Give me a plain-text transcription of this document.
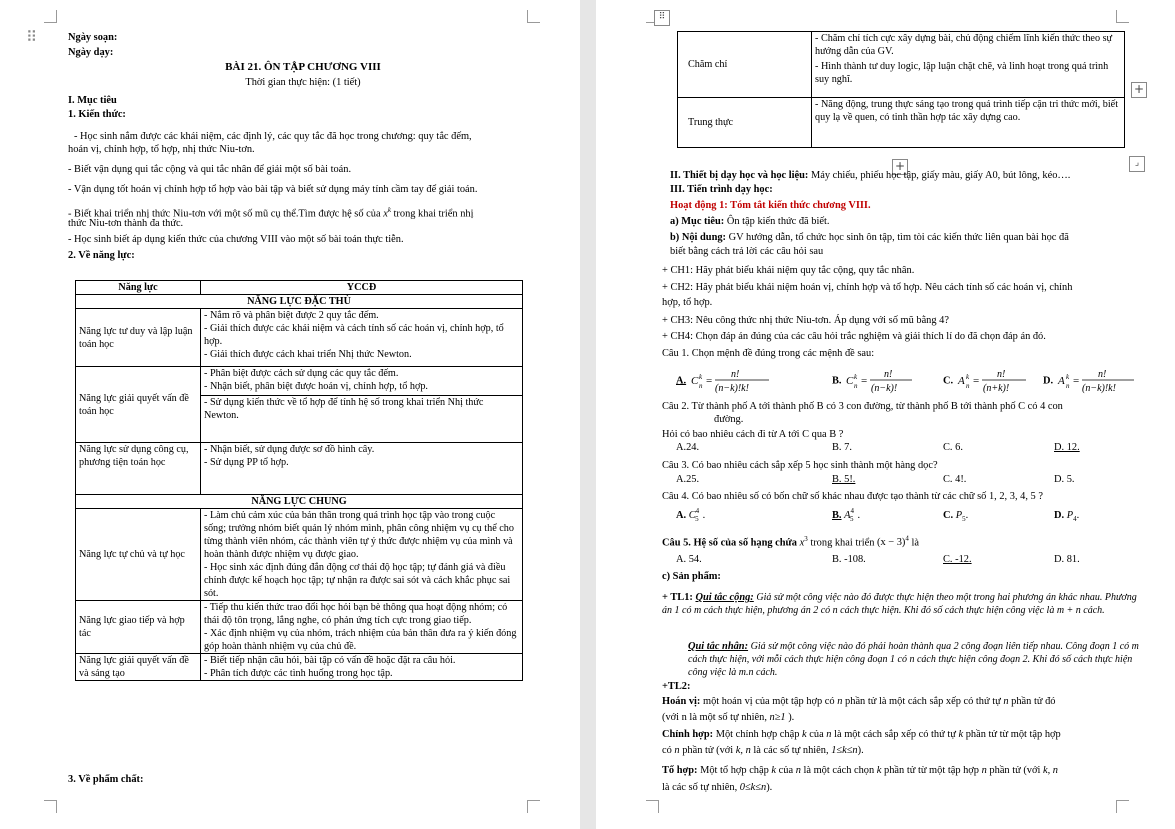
⠿	Ngày soạn:
Ngày dạy:
BÀI 21. ÔN TẬP CHƯƠNG VIII
Thời gian thực hiện: (1 tiết)
I. Mục tiêu
1. Kiến thức:
- Học sinh nắm được các khái niệm, các định lý, các quy tắc đã học trong chương: quy tắc đếm,
hoán vị, chỉnh hợp, tổ hợp, nhị thức Niu-tơn.
- Biết vận dụng qui tắc cộng và qui tắc nhân để giải một số bài toán.
- Vận dụng tốt hoán vị chỉnh hợp tổ hợp vào bài tập và biết sử dụng máy tính cầm tay để giải toán.
- Biết khai triển nhị thức Niu-tơn với một số mũ cụ thể.Tìm được hệ số của $x^k$ trong khai triển nhị
thức Niu-tơn thành đa thức.
- Học sinh biết áp dụng kiến thức của chương VIII vào một số bài toán thực tiễn.
2. Về năng lực:
Năng lực	YCCĐ
NĂNG LỰC ĐẶC THÙ	
Năng lực tư duy và lập luận toán học	- Nắm rõ và phân biệt được 2 quy tắc đếm.
- Giải thích được các khái niệm và cách tính số các hoán vị, chỉnh hợp, tổ hợp.
- Giải thích được cách khai triển Nhị thức Newton.

Năng lực giải quyết vấn đề toán học	- Phân biệt được cách sử dụng các quy tắc đếm.
- Nhận biết, phân biệt được hoán vị, chỉnh hợp, tổ hợp.
- Sử dụng kiến thức về tổ hợp để tính hệ số trong khai triển Nhị thức Newton.

Năng lực sử dụng công cụ, phương tiện toán học	- Nhận biết, sử dụng được sơ đồ hình cây.
- Sử dụng PP tổ hợp.

NĂNG LỰC CHUNG	
Năng lực tự chủ và tự học	- Làm chủ cảm xúc của bản thân trong quá trình học tập vào trong cuộc sống; trưởng nhóm biết quản lý nhóm mình, phân công nhiệm vụ cụ thể cho từng thành viên nhóm, các thành viên tự ý thức được nhiệm vụ của mình và hoàn thành được nhiệm vụ được giao.
- Học sinh xác định đúng đắn động cơ thái độ học tập; tự đánh giá và điều chỉnh được kế hoạch học tập; tự nhận ra được sai sót và cách khắc phục sai sót.

Năng lực giao tiếp và hợp tác	- Tiếp thu kiến thức trao đổi học hỏi bạn bè thông qua hoạt động nhóm; có thái độ tôn trọng, lắng nghe, có phản ứng tích cực trong giao tiếp.
- Xác định nhiệm vụ của nhóm, trách nhiệm của bản thân đưa ra ý kiến đóng góp hoàn thành nhiệm vụ của chủ đề.

Năng lực giải quyết vấn đề và sáng tạo	- Biết tiếp nhận câu hỏi, bài tập có vấn đề hoặc đặt ra câu hỏi.
- Phân tích được các tình huống trong học tập.
3. Về phẩm chất:
⠿
+
+	⌟
Chăm chỉ	- Chăm chỉ tích cực xây dựng bài, chủ động chiếm lĩnh kiến thức theo sự hướng dẫn của GV.
- Hình thành tư duy logic, lập luận chặt chẽ, và linh hoạt trong quá trình suy nghĩ.

Trung thực	- Năng động, trung thực sáng tạo trong quá trình tiếp cận tri thức mới, biết quy lạ về quen, có tinh thần hợp tác xây dựng cao.
II. Thiết bị dạy học và học liệu: Máy chiếu, phiếu học tập, giấy màu, giấy A0, bút lông, kéo….
III. Tiến trình dạy học:
Hoạt động 1: Tóm tắt kiến thức chương VIII.
a) Mục tiêu: Ôn tập kiến thức đã biết.
b) Nội dung: GV hướng dẫn, tổ chức học sinh ôn tập, tìm tòi các kiến thức liên quan bài học đã
biết bằng cách trả lời các câu hỏi sau
+ CH1: Hãy phát biểu khái niệm quy tắc cộng, quy tắc nhân.
+ CH2: Hãy phát biểu khái niệm hoán vị, chỉnh hợp và tổ hợp. Nêu cách tính số các hoán vị, chỉnh
hợp, tổ hợp.
+ CH3: Nêu công thức nhị thức Niu-tơn. Áp dụng với số mũ bằng 4?
+ CH4: Chọn đáp án đúng của các câu hỏi trắc nghiệm và giải thích lí do đã chọn đáp án đó.
Câu 1. Chọn mệnh đề đúng trong các mệnh đề sau:
A. C k
n =
n!
(n−k)!k!
B. C k
n =
n!
(n−k)!
C. A k
n =
n!
(n+k)!
D. A k
n =
n!
(n−k)!k!
Câu 2. Từ thành phố A tới thành phố B có 3 con đường, từ thành phố B tới thành phố C có 4 con
đường.
Hỏi có bao nhiêu cách đi từ A tới C qua B ?
A.24.	B. 7.	C. 6.	D. 12.
Câu 3. Có bao nhiêu cách sắp xếp 5 học sinh thành một hàng dọc?
A.25.	B. 5!.	C. 4!.	D. 5.
Câu 4. Có bao nhiêu số có bốn chữ số khác nhau được tạo thành từ các chữ số 1, 2, 3, 4, 5 ?
A. $C^4_5$ .	B. $A^4_5$ .	C. $P_5$.	D. $P_4$.
Câu 5. Hệ số của số hạng chứa $x^3$ trong khai triển $(x - 3)^4$ là
A. 54.	B. -108.	C. -12.	D. 81.
c) Sản phẩm:
+ TL1: Qui tắc cộng: Giả sử một công việc nào đó được thực hiện theo một trong hai phương án khác nhau. Phương án 1 có m cách thực hiện, phương án 2 có n cách thực hiện. Khi đó số cách thực hiện công việc là m + n cách.
Qui tắc nhân: Giả sử một công việc nào đó phải hoàn thành qua 2 công đoạn liên tiếp nhau. Công đoạn 1 có m cách thực hiện, với mỗi cách thực hiện công đoạn 1 có n cách thực hiện công đoạn 2. Khi đó số cách thực hiện công việc là m.n cách.
+TL2:
Hoán vị: một hoán vị của một tập hợp có n phần tử là một cách sắp xếp có thứ tự n phần tử đó
(với n là một số tự nhiên, n≥1 ).
Chỉnh hợp: Một chỉnh hợp chập k của n là một cách sắp xếp có thứ tự k phần tử từ một tập hợp
có n phần tử (với k, n là các số tự nhiên, 1≤k≤n).
Tổ hợp: Một tổ hợp chập k của n là một cách chọn k phần tử từ một tập hợp n phần tử (với k, n
là các số tự nhiên, 0≤k≤n).
